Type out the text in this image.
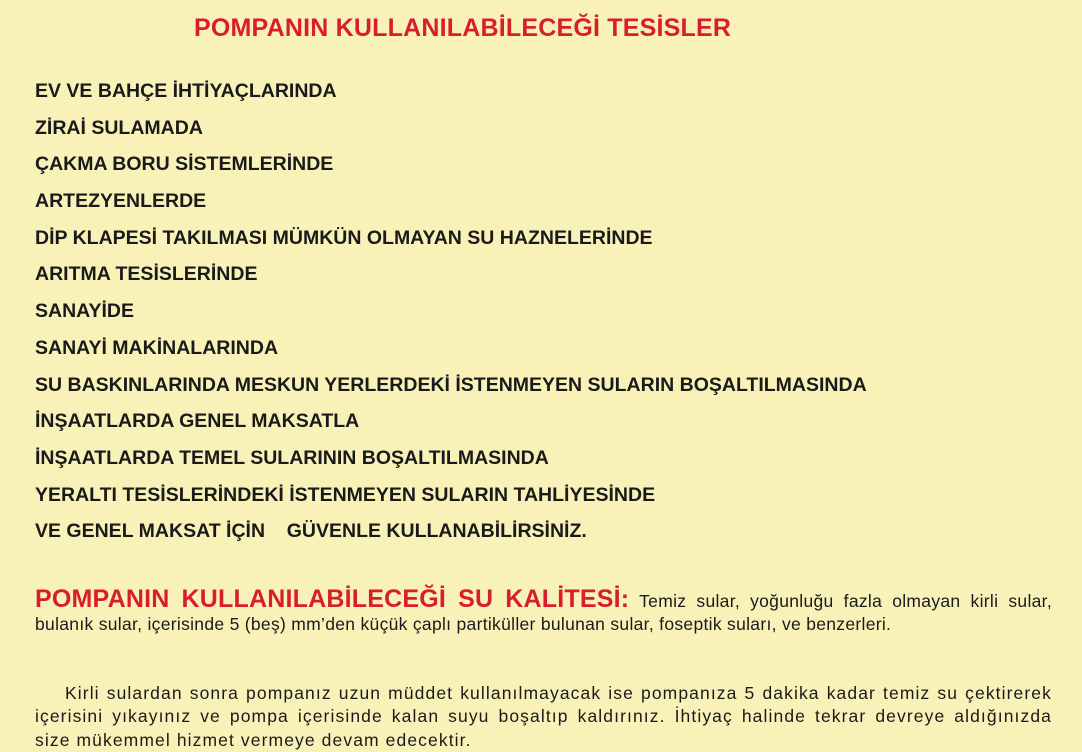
POMPANIN KULLANILABİLECEĞİ TESİSLER
EV VE BAHÇE İHTİYAÇLARINDA
ZİRAİ SULAMADA
ÇAKMA BORU SİSTEMLERİNDE
ARTEZYENLERDE
DİP KLAPESİ TAKILMASI MÜMKÜN OLMAYAN SU HAZNELERİNDE
ARITMA TESİSLERİNDE
SANAYİDE
SANAYİ MAKİNALARINDA
SU BASKINLARINDA MESKUN YERLERDEKİ İSTENMEYEN SULARIN BOŞALTILMASINDA
İNŞAATLARDA GENEL MAKSATLA
İNŞAATLARDA TEMEL SULARININ BOŞALTILMASINDA
YERALTI TESİSLERİNDEKİ İSTENMEYEN SULARIN TAHLİYESİNDE
VE GENEL MAKSAT İÇİN    GÜVENLE KULLANABİLİRSİNİZ.

POMPANIN KULLANILABİLECEĞİ SU KALİTESİ: Temiz sular, yoğunluğu fazla olmayan kirli sular, bulanık sular, içerisinde 5 (beş) mm’den küçük çaplı partiküller bulunan sular, foseptik suları, ve benzerleri.

Kirli sulardan sonra pompanız uzun müddet kullanılmayacak ise pompanıza 5 dakika kadar temiz su çektirerek içerisini yıkayınız ve pompa içerisinde kalan suyu boşaltıp kaldırınız. İhtiyaç halinde tekrar devreye aldığınızda size mükemmel hizmet vermeye devam edecektir.
